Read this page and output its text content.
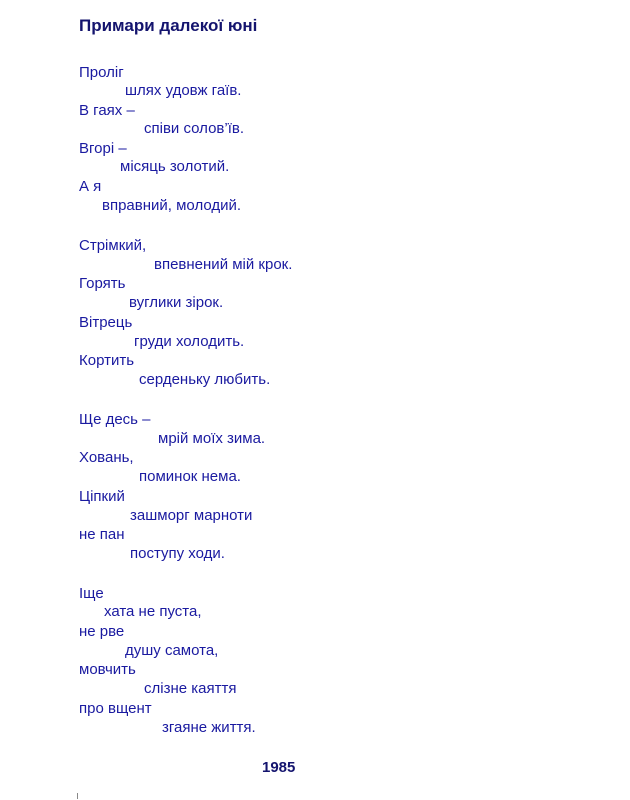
Примари далекої юні
Пролiг
шлях удовж гаїв.
В гаях –
співи солов’їв.
Вгорі –
місяць золотий.
А я
вправний, молодий.
Стрімкий,
впевнений мій крок.
Горять
вуглики зірок.
Вітрець
груди холодить.
Кортить
серденьку любить.
Ще десь –
мрій моїх зима.
Ховань,
поминок нема.
Ціпкий
зашморг марноти
не пан
поступу ходи.
Іще
хата не пуста,
не рве
душу самота,
мовчить
слізне каяття
про вщент
згаяне життя.
1985
